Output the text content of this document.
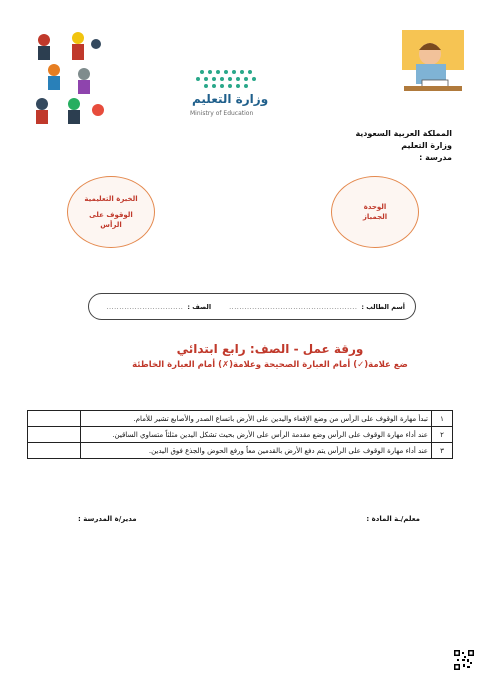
وزارة التعليم
Ministry of Education
المملكة العربية السعودية
وزارة التعليم
مدرسة :
الخبرة التعليمية
الوقوف على
الرأس
الوحدة
الجمباز
أسم الطالب :
..................................................
الصف :
..............................
ورقة عمل - الصف: رابع ابتدائي
ضع علامة(✓) أمام العبارة الصحيحة وعلامة(✗) أمام العبارة الخاطئة
١	تبدأ مهارة الوقوف على الرأس من وضع الإقعاء واليدين على الأرض باتساع الصدر والأصابع تشير للأمام.	
٢	عند أداء مهارة الوقوف على الرأس وضع مقدمة الرأس على الأرض بحيث تشكل اليدين مثلثاً متساوي الساقين.	
٣	عند أداء مهارة الوقوف على الرأس يتم دفع الأرض بالقدمين معاً ورفع الحوض والجذع فوق اليدين.	
معلم/ـة المادة :
مدير/ة المدرسة :
